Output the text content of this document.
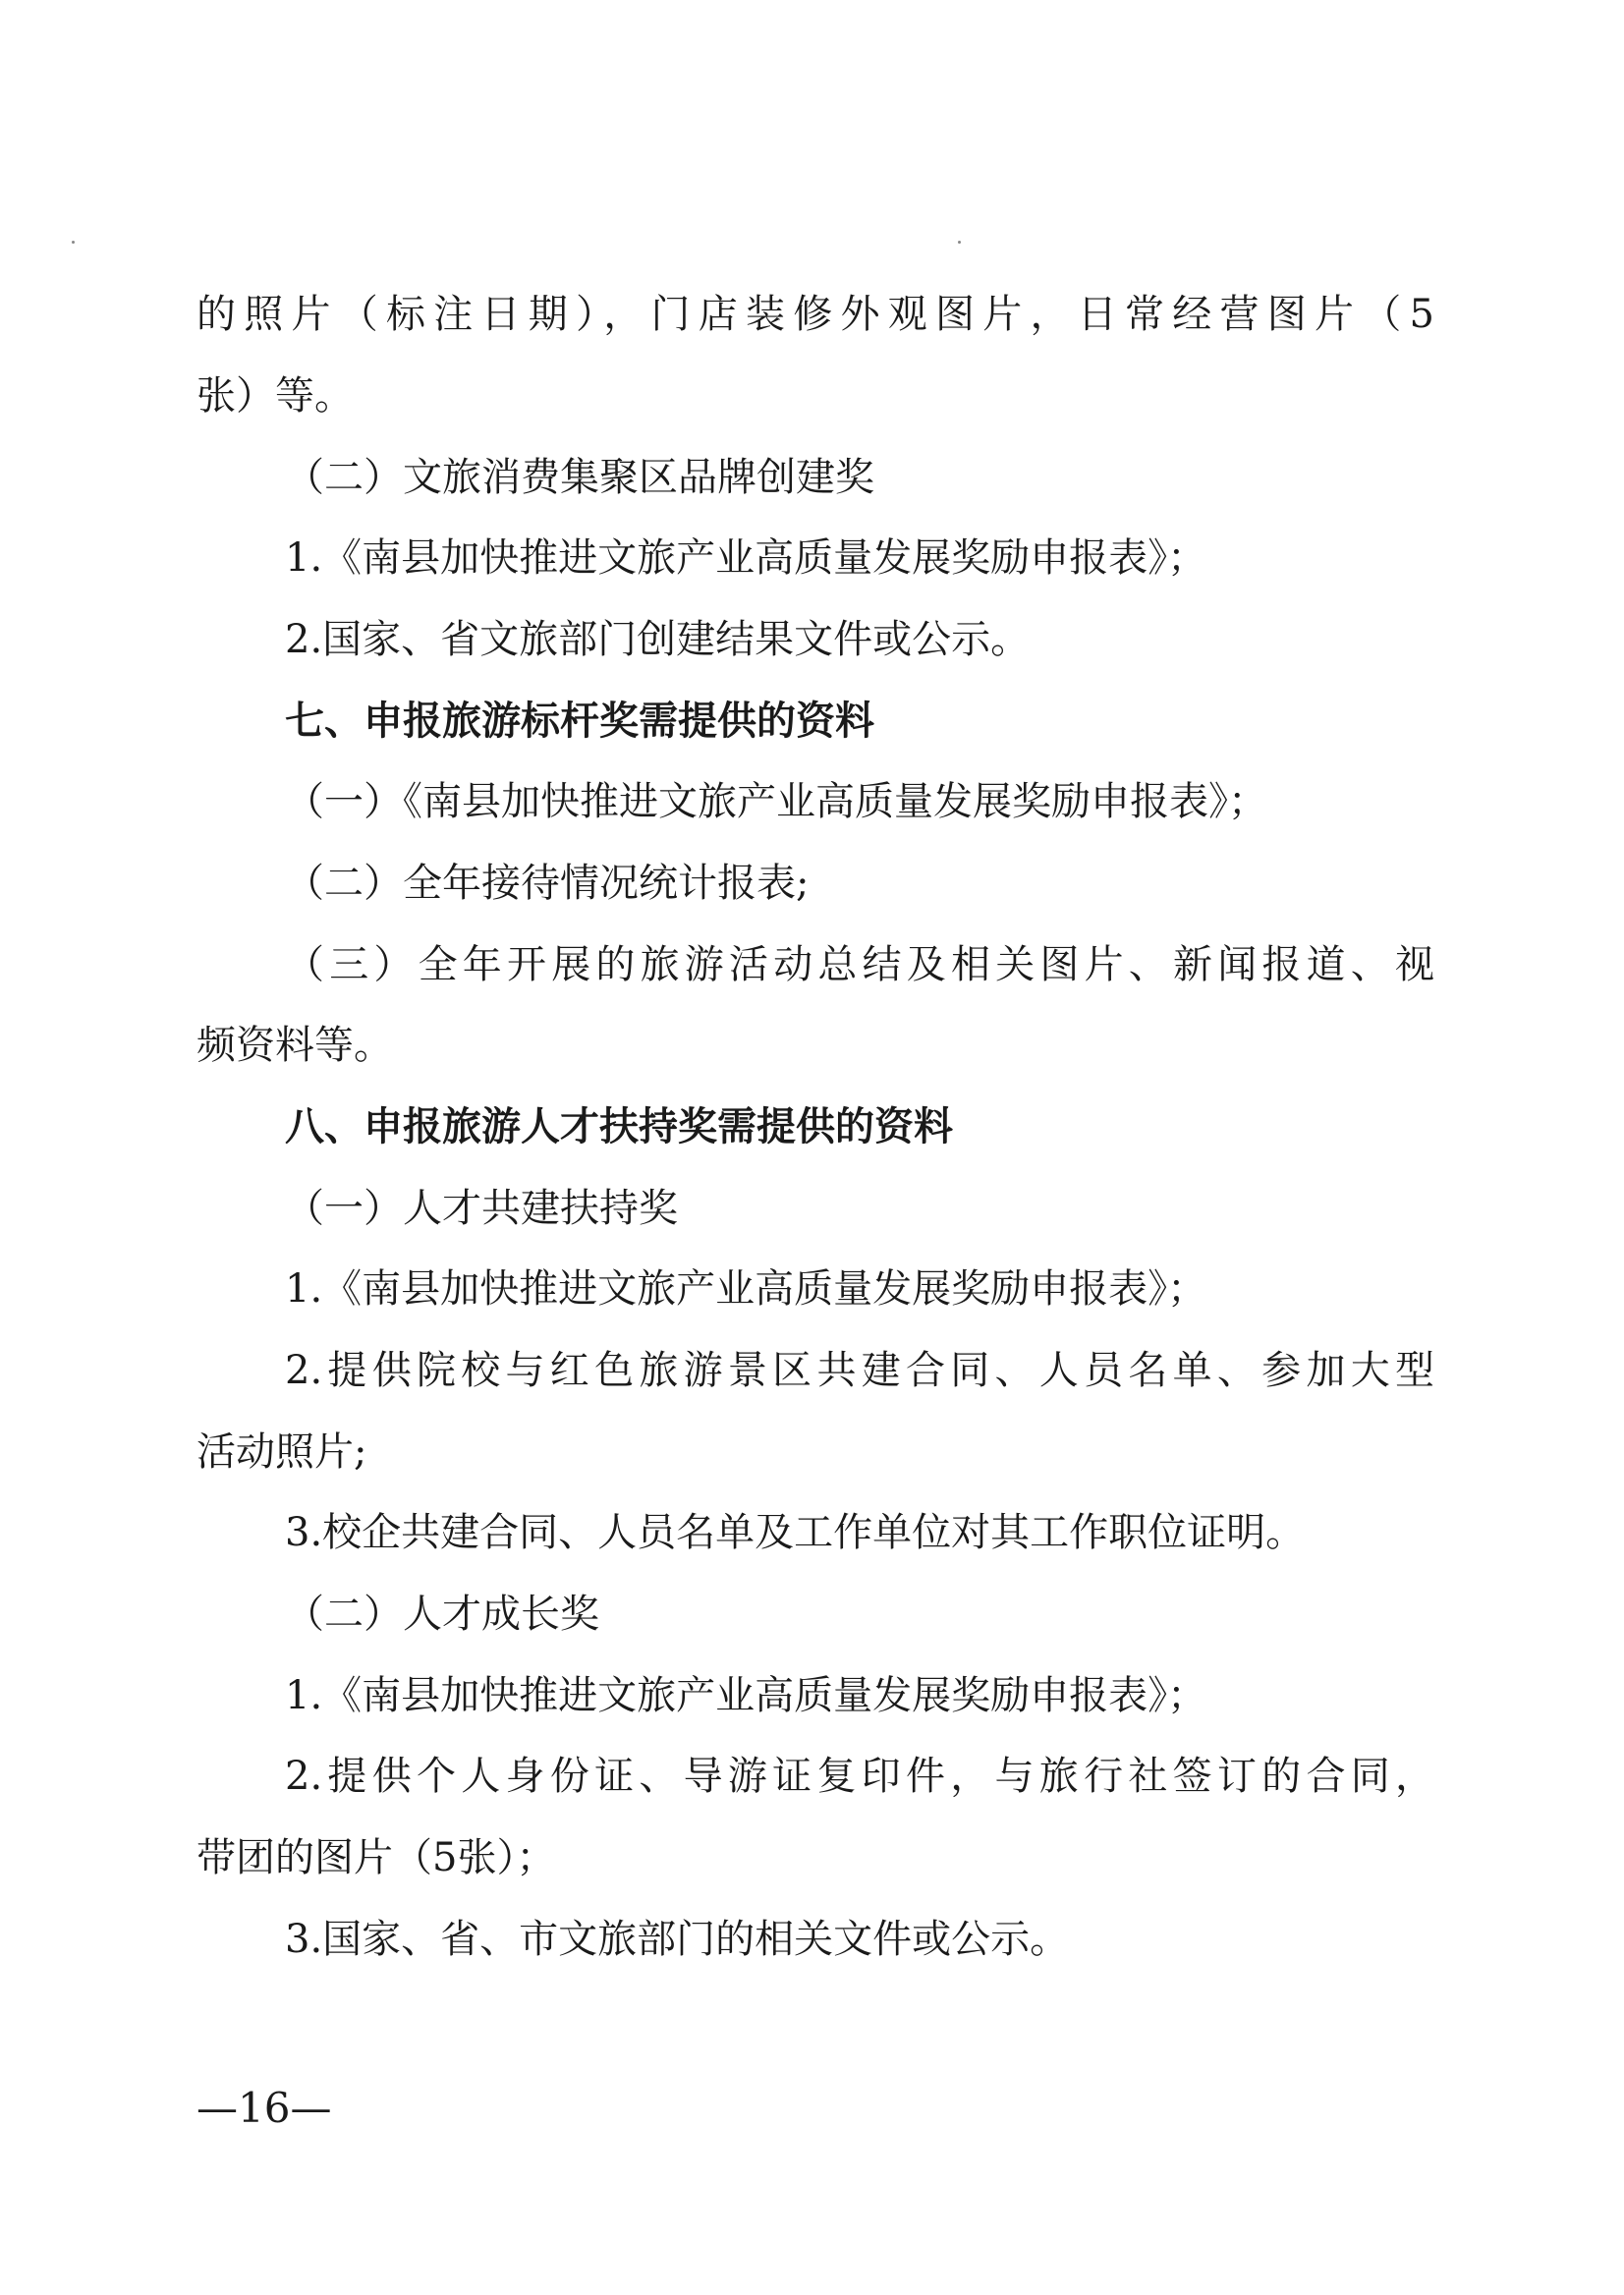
的照片（标注日期），门店装修外观图片，日常经营图片（5
张）等。
（二）文旅消费集聚区品牌创建奖
1.《南县加快推进文旅产业高质量发展奖励申报表》；
2.国家、省文旅部门创建结果文件或公示。
七、申报旅游标杆奖需提供的资料
（一）《南县加快推进文旅产业高质量发展奖励申报表》；
（二）全年接待情况统计报表;
（三）全年开展的旅游活动总结及相关图片、新闻报道、视
频资料等。
八、申报旅游人才扶持奖需提供的资料
（一）人才共建扶持奖
1.《南县加快推进文旅产业高质量发展奖励申报表》；
2.提供院校与红色旅游景区共建合同、人员名单、参加大型
活动照片;
3.校企共建合同、人员名单及工作单位对其工作职位证明。
（二）人才成长奖
1.《南县加快推进文旅产业高质量发展奖励申报表》；
2.提供个人身份证、导游证复印件，与旅行社签订的合同，
带团的图片（5张）；
3.国家、省、市文旅部门的相关文件或公示。
—16—
